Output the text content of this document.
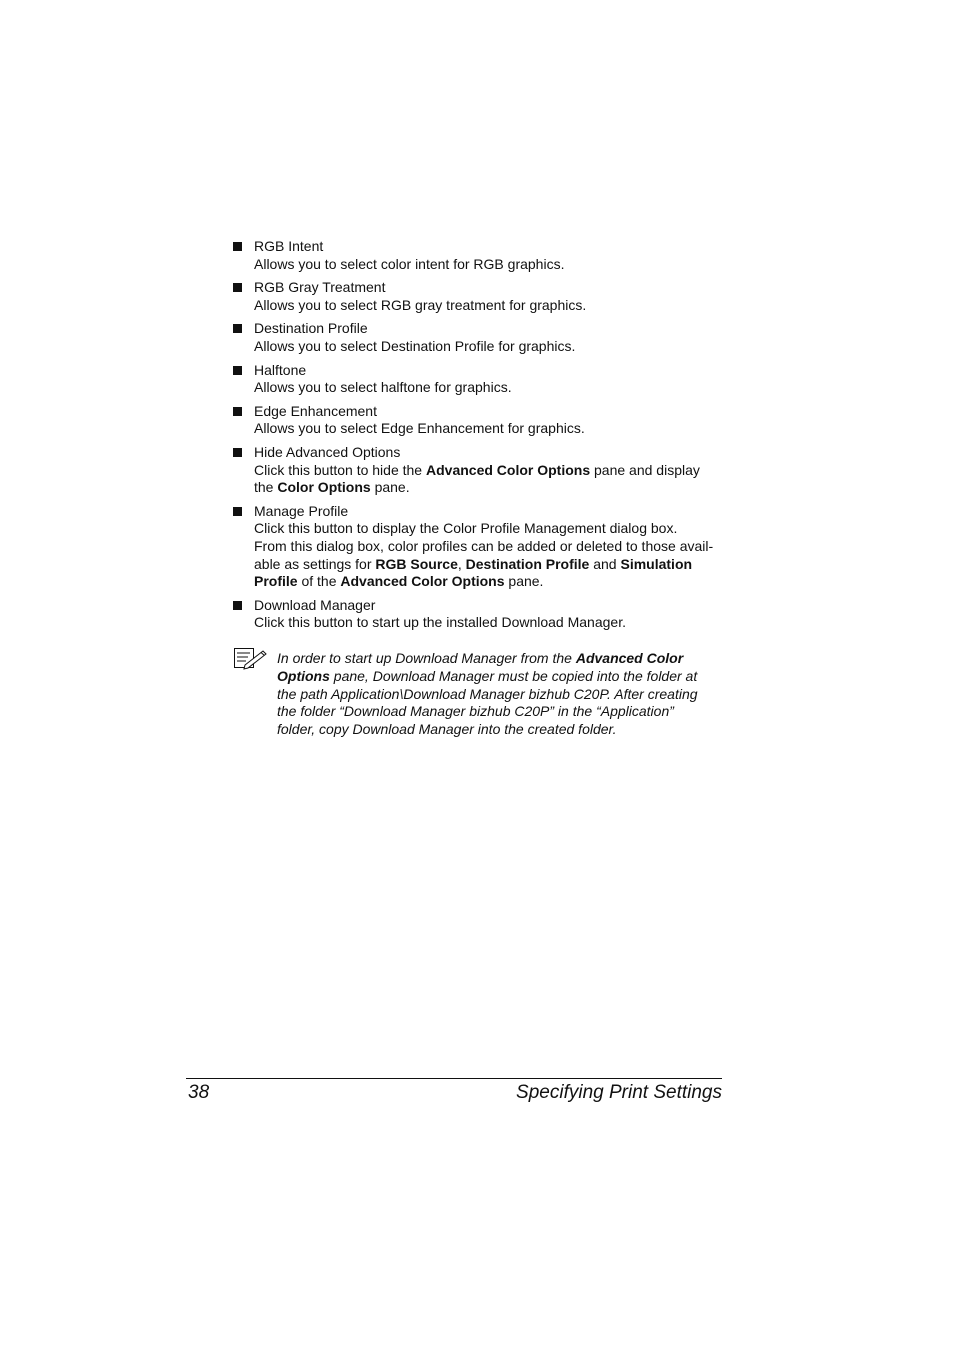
RGB Intent
Allows you to select color intent for RGB graphics.
RGB Gray Treatment
Allows you to select RGB gray treatment for graphics.
Destination Profile
Allows you to select Destination Profile for graphics.
Halftone
Allows you to select halftone for graphics.
Edge Enhancement
Allows you to select Edge Enhancement for graphics.
Hide Advanced Options
Click this button to hide the Advanced Color Options pane and display
the Color Options pane.
Manage Profile
Click this button to display the Color Profile Management dialog box.
From this dialog box, color profiles can be added or deleted to those avail-
able as settings for RGB Source, Destination Profile and Simulation
Profile of the Advanced Color Options pane.
Download Manager
Click this button to start up the installed Download Manager.
In order to start up Download Manager from the Advanced Color
Options pane, Download Manager must be copied into the folder at
the path Application\Download Manager bizhub C20P. After creating
the folder “Download Manager bizhub C20P” in the “Application”
folder, copy Download Manager into the created folder.
38	Specifying Print Settings
